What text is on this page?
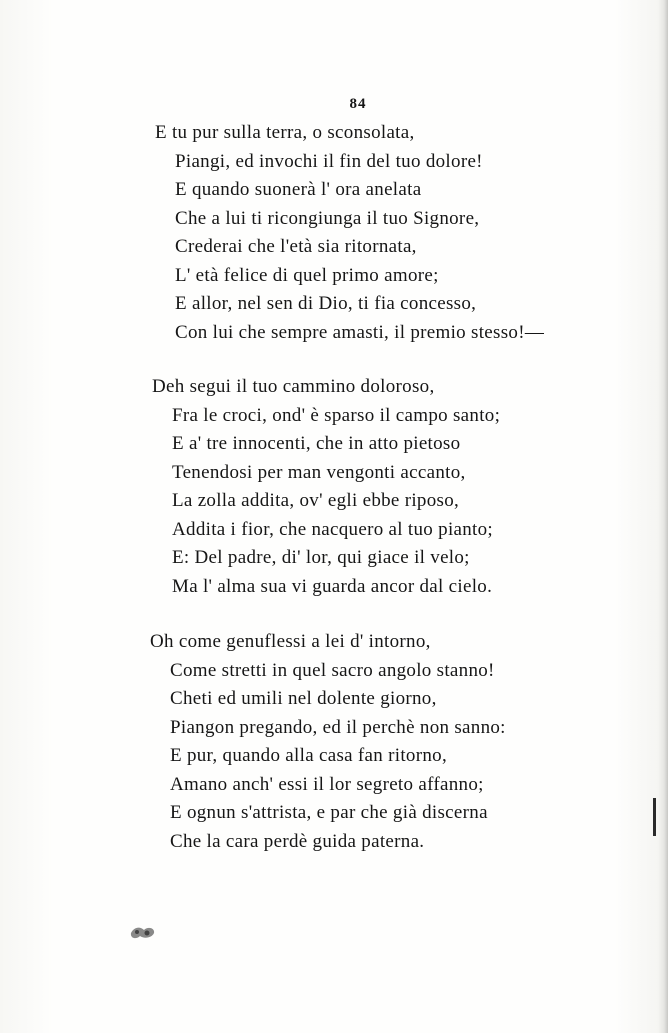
84
E tu pur sulla terra, o sconsolata,
Piangi, ed invochi il fin del tuo dolore!
E quando suonerà l' ora anelata
Che a lui ti ricongiunga il tuo Signore,
Crederai che l'età sia ritornata,
L' età felice di quel primo amore;
E allor, nel sen di Dio, ti fia concesso,
Con lui che sempre amasti, il premio stesso!—
Deh segui il tuo cammino doloroso,
Fra le croci, ond' è sparso il campo santo;
E a' tre innocenti, che in atto pietoso
Tenendosi per man vengonti accanto,
La zolla addita, ov' egli ebbe riposo,
Addita i fior, che nacquero al tuo pianto;
E: Del padre, di' lor, qui giace il velo;
Ma l' alma sua vi guarda ancor dal cielo.
Oh come genuflessi a lei d' intorno,
Come stretti in quel sacro angolo stanno!
Cheti ed umili nel dolente giorno,
Piangon pregando, ed il perchè non sanno:
E pur, quando alla casa fan ritorno,
Amano anch' essi il lor segreto affanno;
E ognun s'attrista, e par che già discerna
Che la cara perdè guida paterna.
